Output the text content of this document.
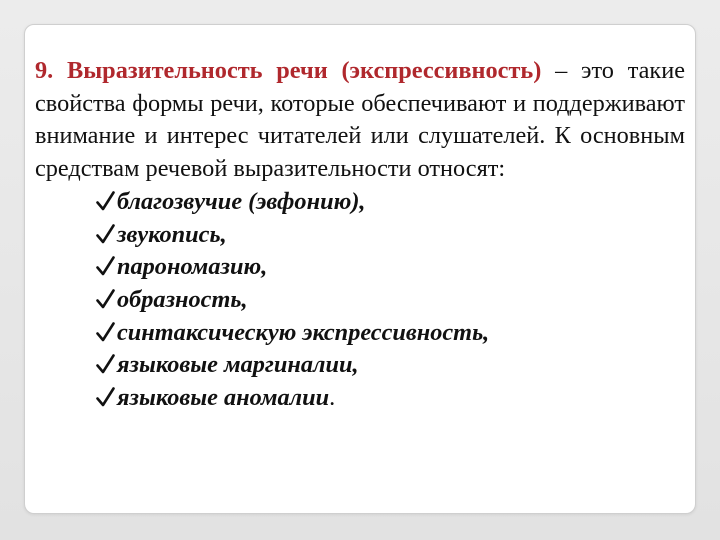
9. Выразительность речи (экспрессивность) – это такие свойства формы речи, которые обеспечивают и поддерживают внимание и интерес читателей или слушателей. К основным средствам речевой выразительности относят:

благозвучие (эвфонию),
звукопись,
парономазию,
образность,
синтаксическую экспрессивность,
языковые маргиналии,
языковые аномалии.
